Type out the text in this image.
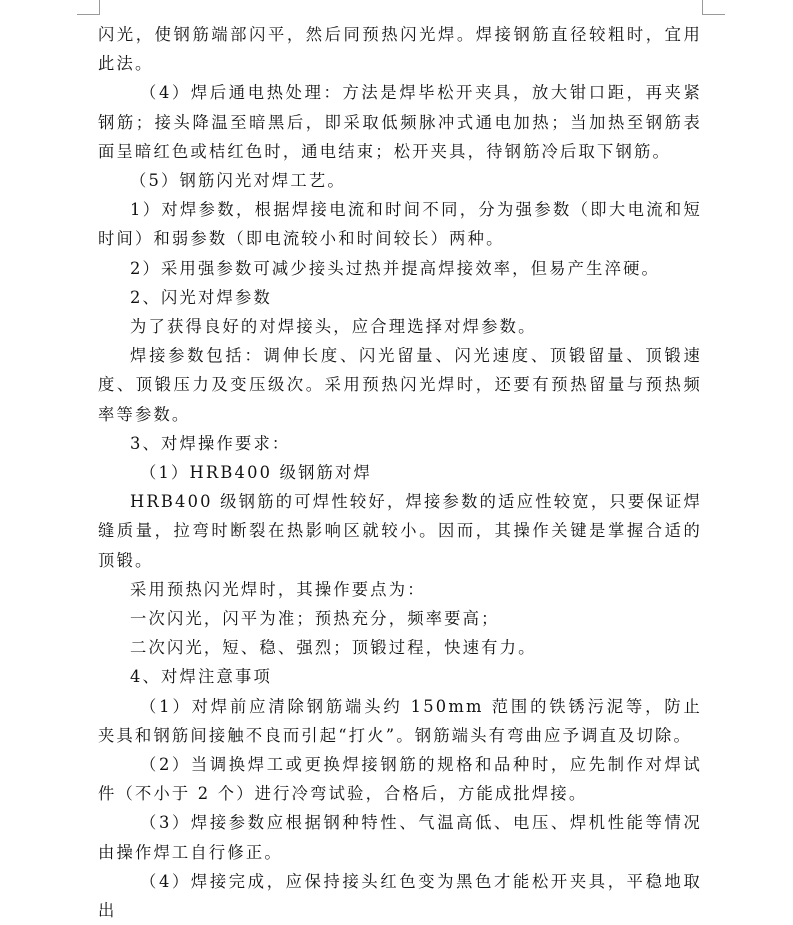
闪光，使钢筋端部闪平，然后同预热闪光焊。焊接钢筋直径较粗时，宜用此法。

（4）焊后通电热处理：方法是焊毕松开夹具，放大钳口距，再夹紧钢筋；接头降温至暗黑后，即采取低频脉冲式通电加热；当加热至钢筋表面呈暗红色或桔红色时，通电结束；松开夹具，待钢筋冷后取下钢筋。

（5）钢筋闪光对焊工艺。

1）对焊参数，根据焊接电流和时间不同，分为强参数（即大电流和短时间）和弱参数（即电流较小和时间较长）两种。

2）采用强参数可减少接头过热并提高焊接效率，但易产生淬硬。

2、闪光对焊参数

为了获得良好的对焊接头，应合理选择对焊参数。

焊接参数包括：调伸长度、闪光留量、闪光速度、顶锻留量、顶锻速度、顶锻压力及变压级次。采用预热闪光焊时，还要有预热留量与预热频率等参数。

3、对焊操作要求：

（1）HRB400 级钢筋对焊

HRB400 级钢筋的可焊性较好，焊接参数的适应性较宽，只要保证焊缝质量，拉弯时断裂在热影响区就较小。因而，其操作关键是掌握合适的顶锻。

采用预热闪光焊时，其操作要点为：

一次闪光，闪平为准；预热充分，频率要高；

二次闪光，短、稳、强烈；顶锻过程，快速有力。

4、对焊注意事项

（1）对焊前应清除钢筋端头约 150mm 范围的铁锈污泥等，防止夹具和钢筋间接触不良而引起“打火”。钢筋端头有弯曲应予调直及切除。

（2）当调换焊工或更换焊接钢筋的规格和品种时，应先制作对焊试件（不小于 2 个）进行冷弯试验，合格后，方能成批焊接。

（3）焊接参数应根据钢种特性、气温高低、电压、焊机性能等情况由操作焊工自行修正。

（4）焊接完成，应保持接头红色变为黑色才能松开夹具，平稳地取出
